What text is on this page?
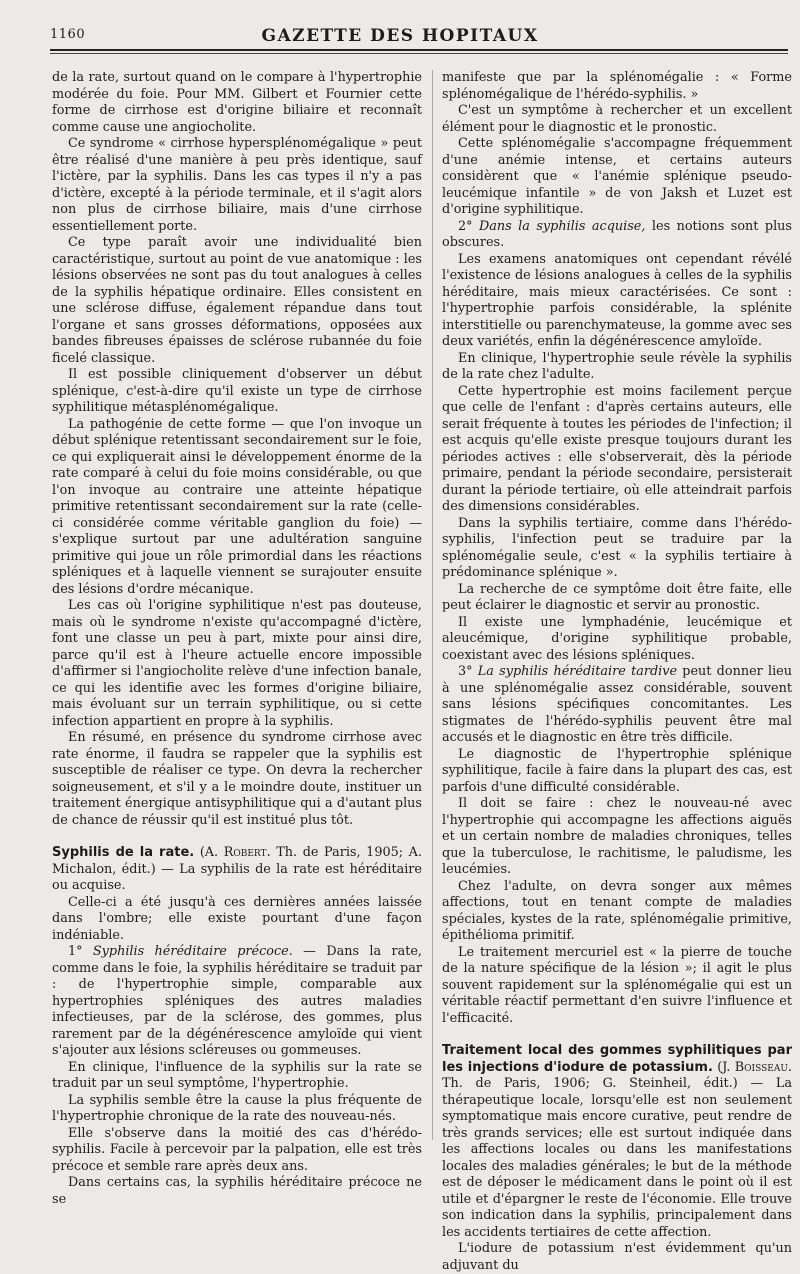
1160	GAZETTE DES HOPITAUX

de la rate, surtout quand on le compare à l'hypertrophie modérée du foie. Pour MM. Gilbert et Fournier cette forme de cirrhose est d'origine biliaire et reconnaît comme cause une angiocholite.

Ce syndrome « cirrhose hypersplénomégalique » peut être réalisé d'une manière à peu près identique, sauf l'ictère, par la syphilis. Dans les cas types il n'y a pas d'ictère, excepté à la période terminale, et il s'agit alors non plus de cirrhose biliaire, mais d'une cirrhose essentiellement porte.

Ce type paraît avoir une individualité bien caractéristique, surtout au point de vue anatomique : les lésions observées ne sont pas du tout analogues à celles de la syphilis hépatique ordinaire. Elles consistent en une sclérose diffuse, également répandue dans tout l'organe et sans grosses déformations, opposées aux bandes fibreuses épaisses de sclérose rubannée du foie ficelé classique.

Il est possible cliniquement d'observer un début splénique, c'est-à-dire qu'il existe un type de cirrhose syphilitique métasplénomégalique.

La pathogénie de cette forme — que l'on invoque un début splénique retentissant secondairement sur le foie, ce qui expliquerait ainsi le développement énorme de la rate comparé à celui du foie moins considérable, ou que l'on invoque au contraire une atteinte hépatique primitive retentissant secondairement sur la rate (celle-ci considérée comme véritable ganglion du foie) — s'explique surtout par une adultération sanguine primitive qui joue un rôle primordial dans les réactions spléniques et à laquelle viennent se surajouter ensuite des lésions d'ordre mécanique.

Les cas où l'origine syphilitique n'est pas douteuse, mais où le syndrome n'existe qu'accompagné d'ictère, font une classe un peu à part, mixte pour ainsi dire, parce qu'il est à l'heure actuelle encore impossible d'affirmer si l'angiocholite relève d'une infection banale, ce qui les identifie avec les formes d'origine biliaire, mais évoluant sur un terrain syphilitique, ou si cette infection appartient en propre à la syphilis.

En résumé, en présence du syndrome cirrhose avec rate énorme, il faudra se rappeler que la syphilis est susceptible de réaliser ce type. On devra la rechercher soigneusement, et s'il y a le moindre doute, instituer un traitement énergique antisyphilitique qui a d'autant plus de chance de réussir qu'il est institué plus tôt.

Syphilis de la rate. (A. Robert. Th. de Paris, 1905; A. Michalon, édit.) — La syphilis de la rate est héréditaire ou acquise.

Celle-ci a été jusqu'à ces dernières années laissée dans l'ombre; elle existe pourtant d'une façon indéniable.

1° Syphilis héréditaire précoce. — Dans la rate, comme dans le foie, la syphilis héréditaire se traduit par : de l'hypertrophie simple, comparable aux hypertrophies spléniques des autres maladies infectieuses, par de la sclérose, des gommes, plus rarement par de la dégénérescence amyloïde qui vient s'ajouter aux lésions scléreuses ou gommeuses.

En clinique, l'influence de la syphilis sur la rate se traduit par un seul symptôme, l'hypertrophie.

La syphilis semble être la cause la plus fréquente de l'hypertrophie chronique de la rate des nouveau-nés.

Elle s'observe dans la moitié des cas d'hérédo-syphilis. Facile à percevoir par la palpation, elle est très précoce et semble rare après deux ans.

Dans certains cas, la syphilis héréditaire précoce ne se

manifeste que par la splénomégalie : « Forme splénomégalique de l'hérédo-syphilis. »

C'est un symptôme à rechercher et un excellent élément pour le diagnostic et le pronostic.

Cette splénomégalie s'accompagne fréquemment d'une anémie intense, et certains auteurs considèrent que « l'anémie splénique pseudo-leucémique infantile » de von Jaksh et Luzet est d'origine syphilitique.

2° Dans la syphilis acquise, les notions sont plus obscures.

Les examens anatomiques ont cependant révélé l'existence de lésions analogues à celles de la syphilis héréditaire, mais mieux caractérisées. Ce sont : l'hypertrophie parfois considérable, la splénite interstitielle ou parenchymateuse, la gomme avec ses deux variétés, enfin la dégénérescence amyloïde.

En clinique, l'hypertrophie seule révèle la syphilis de la rate chez l'adulte.

Cette hypertrophie est moins facilement perçue que celle de l'enfant : d'après certains auteurs, elle serait fréquente à toutes les périodes de l'infection; il est acquis qu'elle existe presque toujours durant les périodes actives : elle s'observerait, dès la période primaire, pendant la période secondaire, persisterait durant la période tertiaire, où elle atteindrait parfois des dimensions considérables.

Dans la syphilis tertiaire, comme dans l'hérédo-syphilis, l'infection peut se traduire par la splénomégalie seule, c'est « la syphilis tertiaire à prédominance splénique ».

La recherche de ce symptôme doit être faite, elle peut éclairer le diagnostic et servir au pronostic.

Il existe une lymphadénie, leucémique et aleucémique, d'origine syphilitique probable, coexistant avec des lésions spléniques.

3° La syphilis héréditaire tardive peut donner lieu à une splénomégalie assez considérable, souvent sans lésions spécifiques concomitantes. Les stigmates de l'hérédo-syphilis peuvent être mal accusés et le diagnostic en être très difficile.

Le diagnostic de l'hypertrophie splénique syphilitique, facile à faire dans la plupart des cas, est parfois d'une difficulté considérable.

Il doit se faire : chez le nouveau-né avec l'hypertrophie qui accompagne les affections aiguës et un certain nombre de maladies chroniques, telles que la tuberculose, le rachitisme, le paludisme, les leucémies.

Chez l'adulte, on devra songer aux mêmes affections, tout en tenant compte de maladies spéciales, kystes de la rate, splénomégalie primitive, épithélioma primitif.

Le traitement mercuriel est « la pierre de touche de la nature spécifique de la lésion »; il agit le plus souvent rapidement sur la splénomégalie qui est un véritable réactif permettant d'en suivre l'influence et l'efficacité.

Traitement local des gommes syphilitiques par les injections d'iodure de potassium. (J. Boisseau. Th. de Paris, 1906; G. Steinheil, édit.) — La thérapeutique locale, lorsqu'elle est non seulement symptomatique mais encore curative, peut rendre de très grands services; elle est surtout indiquée dans les affections locales ou dans les manifestations locales des maladies générales; le but de la méthode est de déposer le médicament dans le point où il est utile et d'épargner le reste de l'économie. Elle trouve son indication dans la syphilis, principalement dans les accidents tertiaires de cette affection.

L'iodure de potassium n'est évidemment qu'un adjuvant du
